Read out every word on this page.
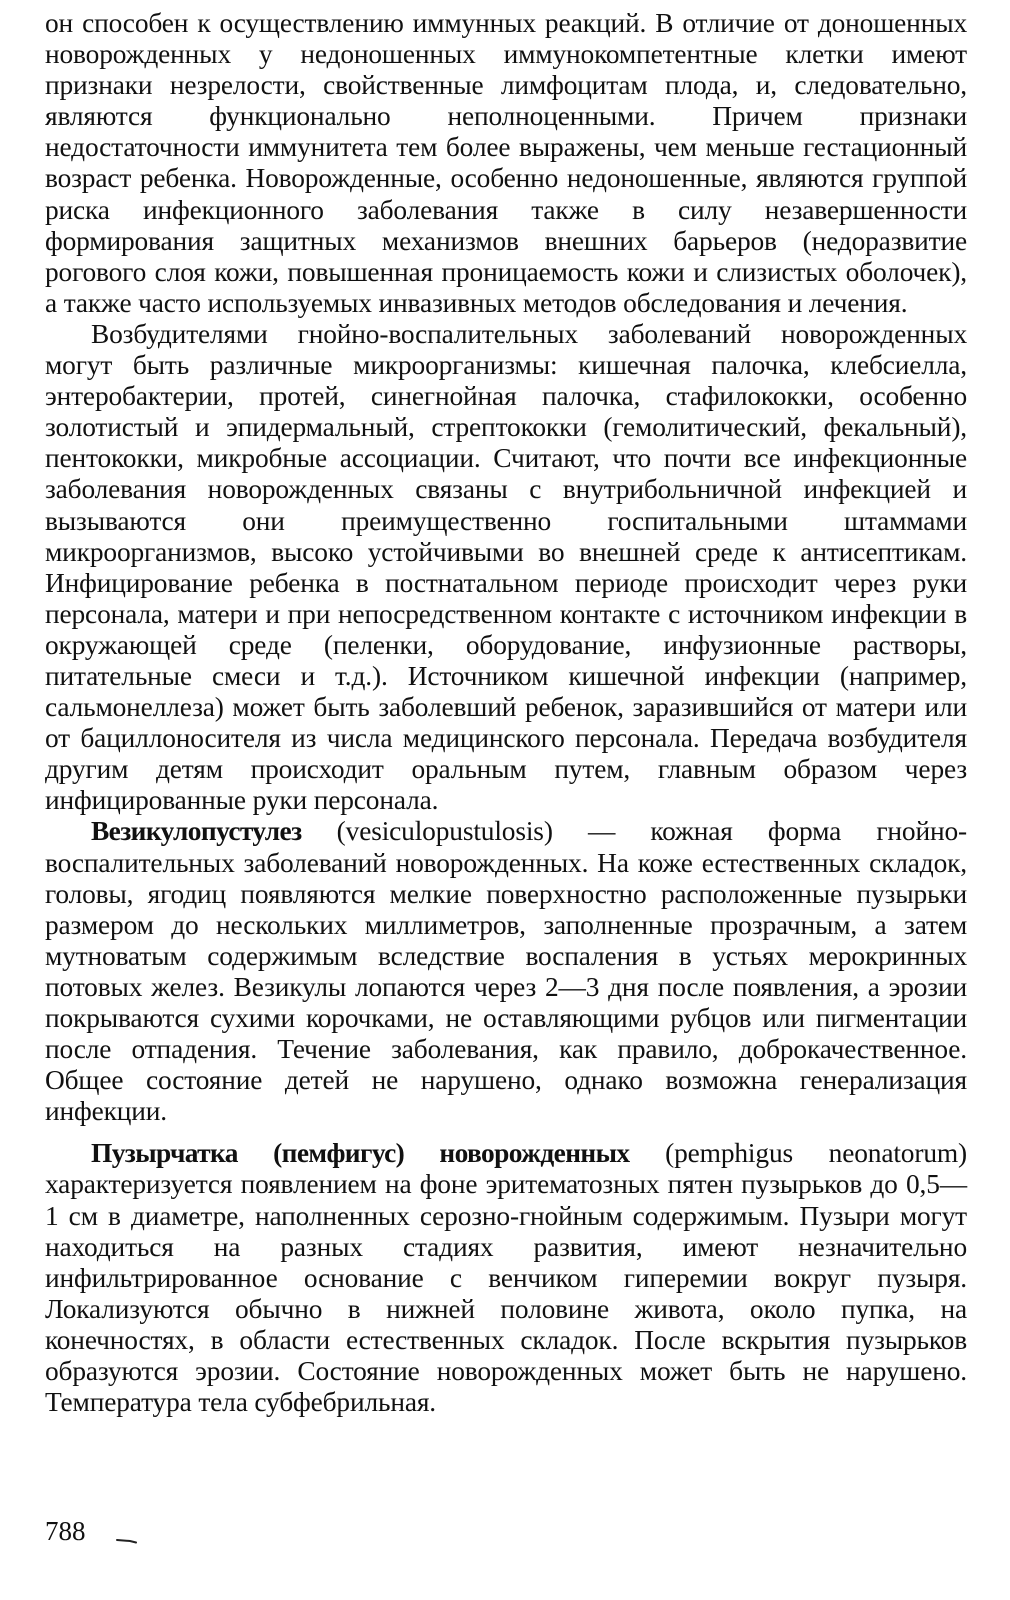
он способен к осуществлению иммунных реакций. В отличие от доношенных новорожденных у недоношенных иммунокомпетентные клетки имеют признаки незрелости, свойственные лимфоцитам плода, и, следовательно, являются функционально неполноценными. Причем признаки недостаточности иммунитета тем более выражены, чем меньше гестационный возраст ребенка. Новорожденные, особенно недоношенные, являются группой риска инфекционного заболевания также в силу незавершенности формирования защитных механизмов внешних барьеров (недоразвитие рогового слоя кожи, повышенная проницаемость кожи и слизистых оболочек), а также часто используемых инвазивных методов обследования и лечения.

Возбудителями гнойно-воспалительных заболеваний новорожденных могут быть различные микроорганизмы: кишечная палочка, клебсиелла, энтеробактерии, протей, синегнойная палочка, стафилококки, особенно золотистый и эпидермальный, стрептококки (гемолитический, фекальный), пентококки, микробные ассоциации. Считают, что почти все инфекционные заболевания новорожденных связаны с внутрибольничной инфекцией и вызываются они преимущественно госпитальными штаммами микроорганизмов, высоко устойчивыми во внешней среде к антисептикам. Инфицирование ребенка в постнатальном периоде происходит через руки персонала, матери и при непосредственном контакте с источником инфекции в окружающей среде (пеленки, оборудование, инфузионные растворы, питательные смеси и т.д.). Источником кишечной инфекции (например, сальмонеллеза) может быть заболевший ребенок, заразившийся от матери или от бациллоносителя из числа медицинского персонала. Передача возбудителя другим детям происходит оральным путем, главным образом через инфицированные руки персонала.

Везикулопустулез (vesiculopustulosis) — кожная форма гнойно-воспалительных заболеваний новорожденных. На коже естественных складок, головы, ягодиц появляются мелкие поверхностно расположенные пузырьки размером до нескольких миллиметров, заполненные прозрачным, а затем мутноватым содержимым вследствие воспаления в устьях мерокринных потовых желез. Везикулы лопаются через 2—3 дня после появления, а эрозии покрываются сухими корочками, не оставляющими рубцов или пигментации после отпадения. Течение заболевания, как правило, доброкачественное. Общее состояние детей не нарушено, однако возможна генерализация инфекции.

Пузырчатка (пемфигус) новорожденных (pemphigus neonatorum) характеризуется появлением на фоне эритематозных пятен пузырьков до 0,5—1 см в диаметре, наполненных серозно-гнойным содержимым. Пузыри могут находиться на разных стадиях развития, имеют незначительно инфильтрированное основание с венчиком гиперемии вокруг пузыря. Локализуются обычно в нижней половине живота, около пупка, на конечностях, в области естественных складок. После вскрытия пузырьков образуются эрозии. Состояние новорожденных может быть не нарушено. Температура тела субфебрильная.

788
